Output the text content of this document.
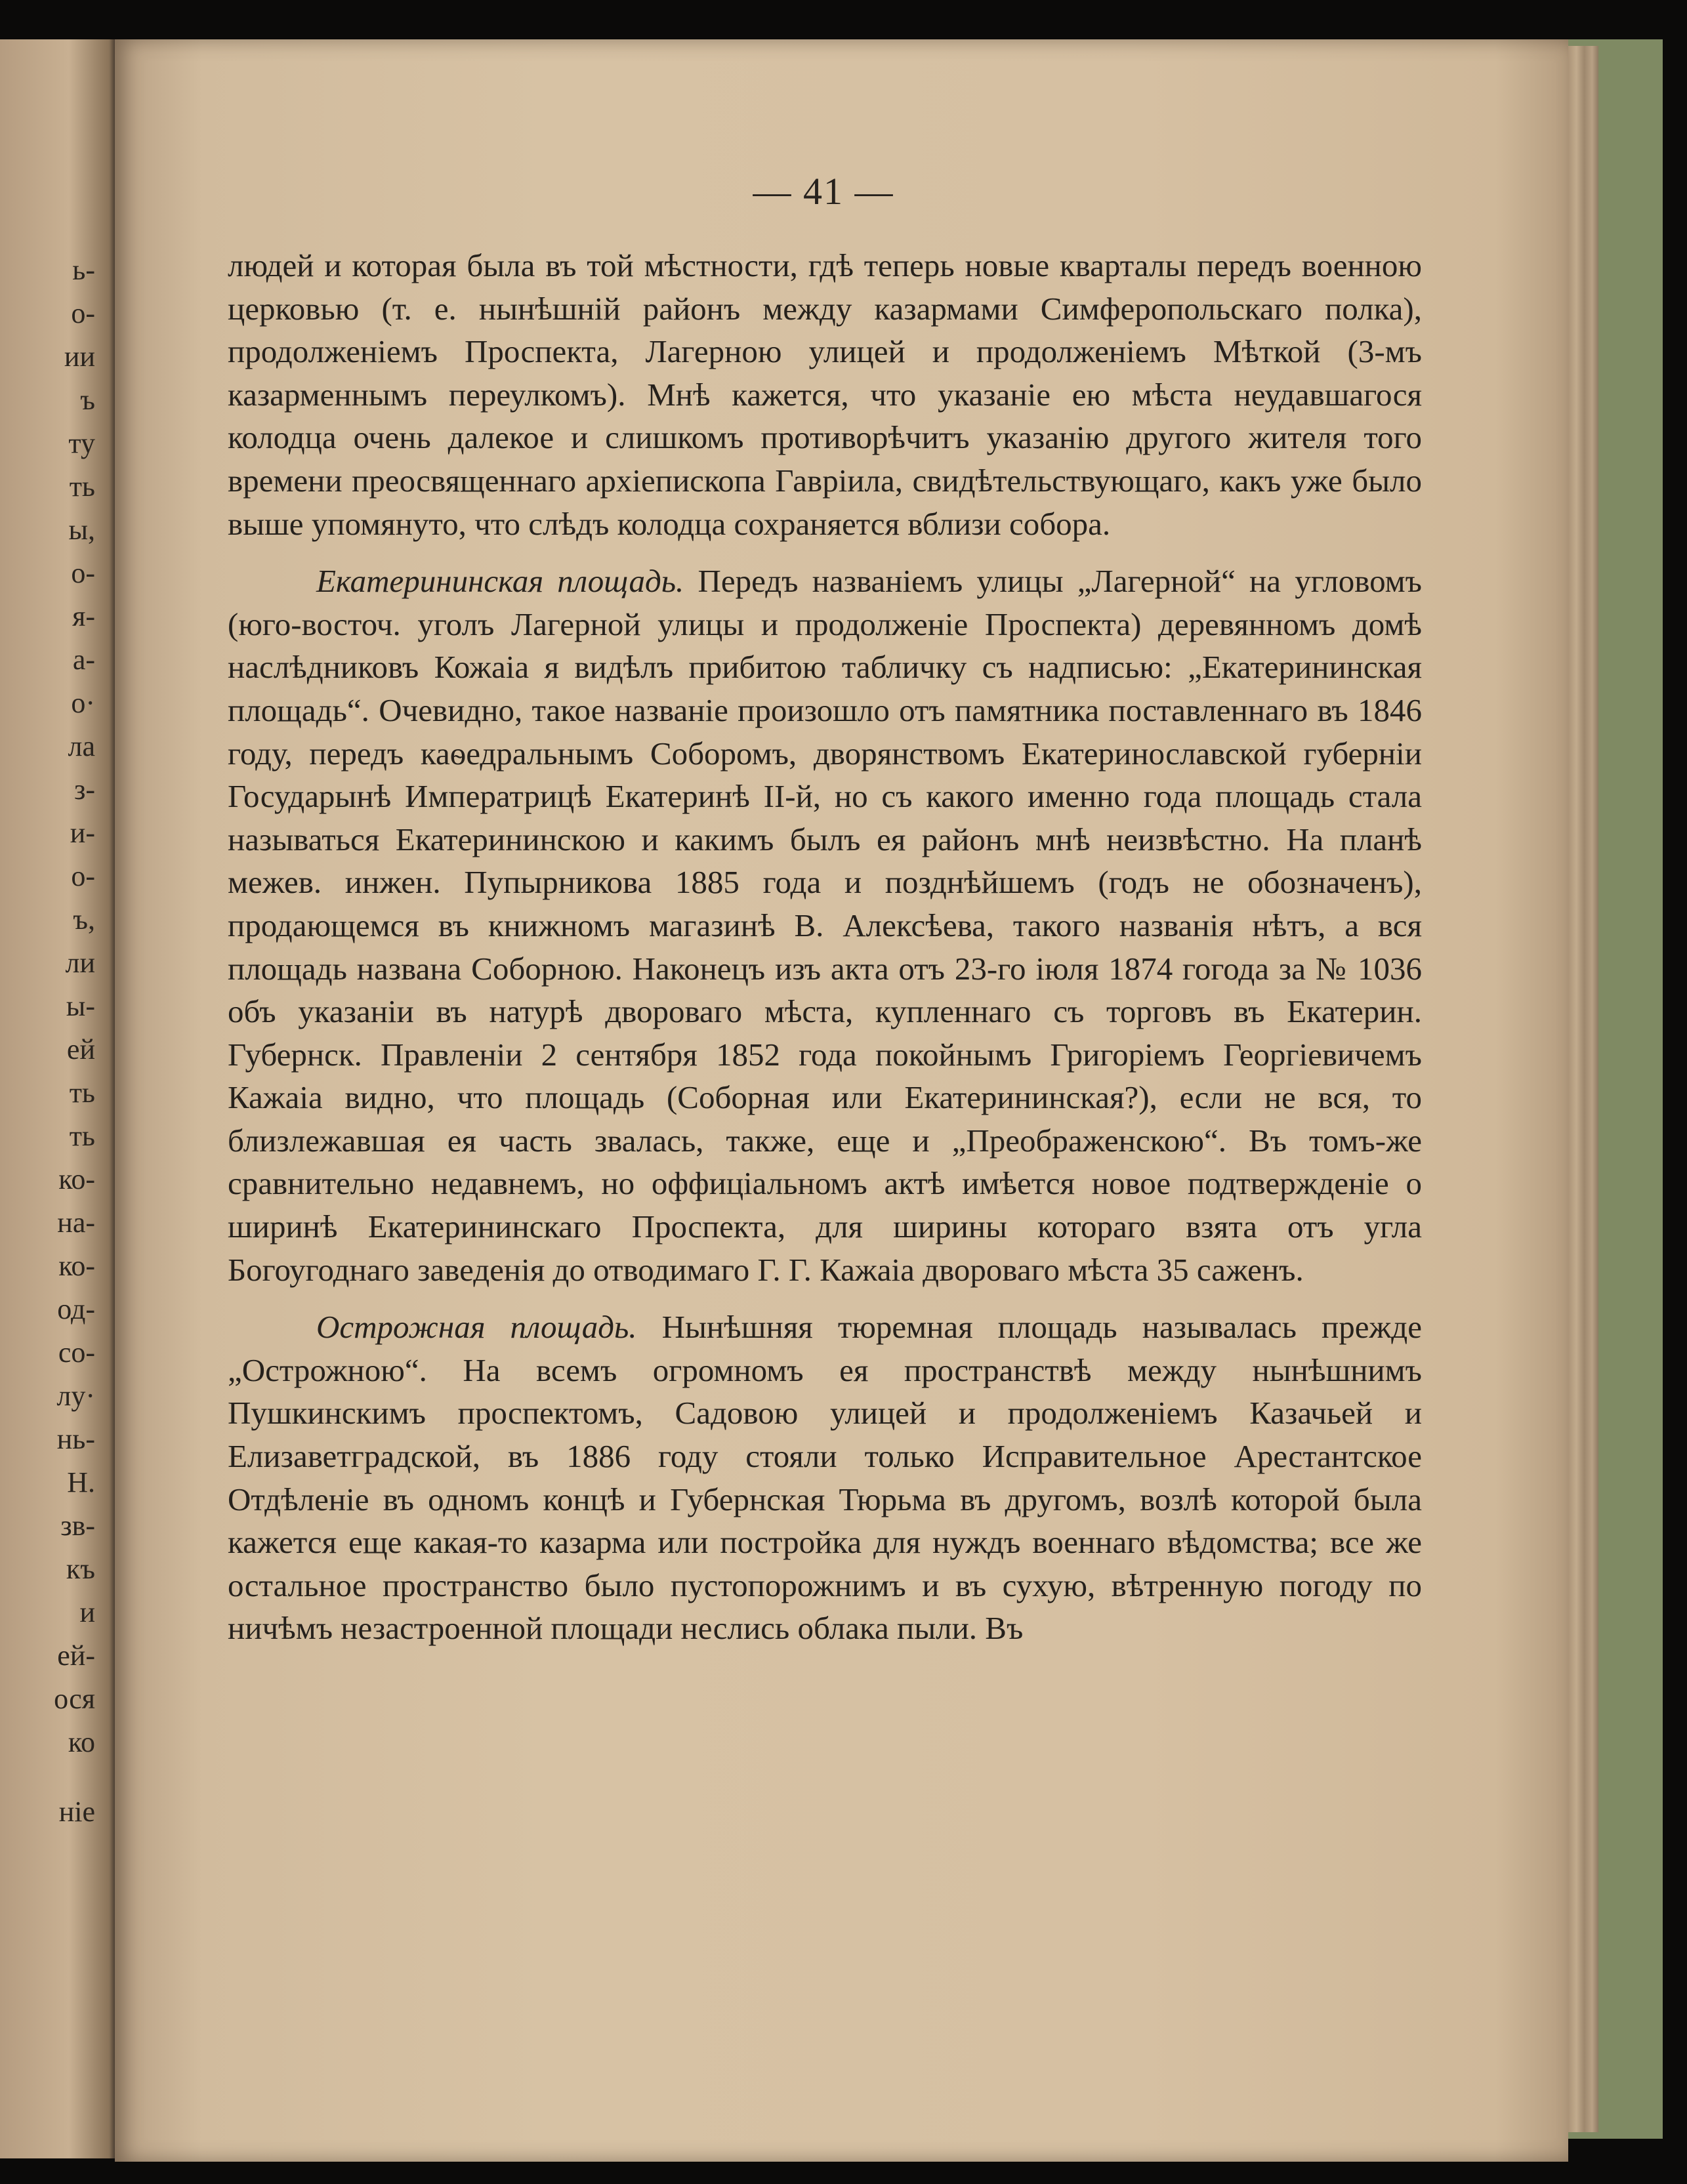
ь-
о-
ии
ъ
ту
ть
ы,
о-
я-
а-
о·
ла
з-
и-
о-
ъ,
ли
ы-
ей
ть
ть
ко-
на-
ко-
од-
со-
лу·
нь-
Н.
зв-
къ
и
ей-
ося
ко
ніе
— 41 —

людей и которая была въ той мѣстности, гдѣ теперь новые кварталы передъ военною церковью (т. е. нынѣшній районъ между казармами Симферопольскаго полка), продолженіемъ Проспекта, Лагерною улицей и продолженіемъ Мѣткой (3-мъ казарменнымъ переулкомъ). Мнѣ кажется, что указаніе ею мѣста неудавшагося колодца очень далекое и слишкомъ противорѣчитъ указанію другого жителя того времени преосвященнаго архіепископа Гавріила, свидѣтельствующаго, какъ уже было выше упомянуто, что слѣдъ колодца сохраняется вблизи собора.

Екатерининская площадь. Передъ названіемъ улицы „Лагерной“ на угловомъ (юго-восточ. уголъ Лагерной улицы и продолженіе Проспекта) деревянномъ домѣ наслѣдниковъ Кожаіа я видѣлъ прибитою табличку съ надписью: „Екатерининская площадь“. Очевидно, такое названіе произошло отъ памятника поставленнаго въ 1846 году, передъ каѳедральнымъ Соборомъ, дворянствомъ Екатеринославской губерніи Государынѣ Императрицѣ Екатеринѣ II-й, но съ какого именно года площадь стала называться Екатерининскою и какимъ былъ ея районъ мнѣ неизвѣстно. На планѣ межев. инжен. Пупырникова 1885 года и позднѣйшемъ (годъ не обозначенъ), продающемся въ книжномъ магазинѣ В. Алексѣева, такого названія нѣтъ, а вся площадь названа Соборною. Наконецъ изъ акта отъ 23-го іюля 1874 гогода за № 1036 объ указаніи въ натурѣ двороваго мѣста, купленнаго съ торговъ въ Екатерин. Губернск. Правленіи 2 сентября 1852 года покойнымъ Григоріемъ Георгіевичемъ Кажаіа видно, что площадь (Соборная или Екатерининская?), если не вся, то близлежавшая ея часть звалась, также, еще и „Преображенскою“. Въ томъ-же сравнительно недавнемъ, но оффиціальномъ актѣ имѣется новое подтвержденіе о ширинѣ Екатерининскаго Проспекта, для ширины котораго взята отъ угла Богоугоднаго заведенія до отводимаго Г. Г. Кажаіа двороваго мѣста 35 саженъ.

Острожная площадь. Нынѣшняя тюремная площадь называлась прежде „Острожною“. На всемъ огромномъ ея пространствѣ между нынѣшнимъ Пушкинскимъ проспектомъ, Садовою улицей и продолженіемъ Казачьей и Елизаветградской, въ 1886 году стояли только Исправительное Арестантское Отдѣленіе въ одномъ концѣ и Губернская Тюрьма въ другомъ, возлѣ которой была кажется еще какая-то казарма или постройка для нуждъ военнаго вѣдомства; все же остальное пространство было пустопорожнимъ и въ сухую, вѣтренную погоду по ничѣмъ незастроенной площади неслись облака пыли. Въ
